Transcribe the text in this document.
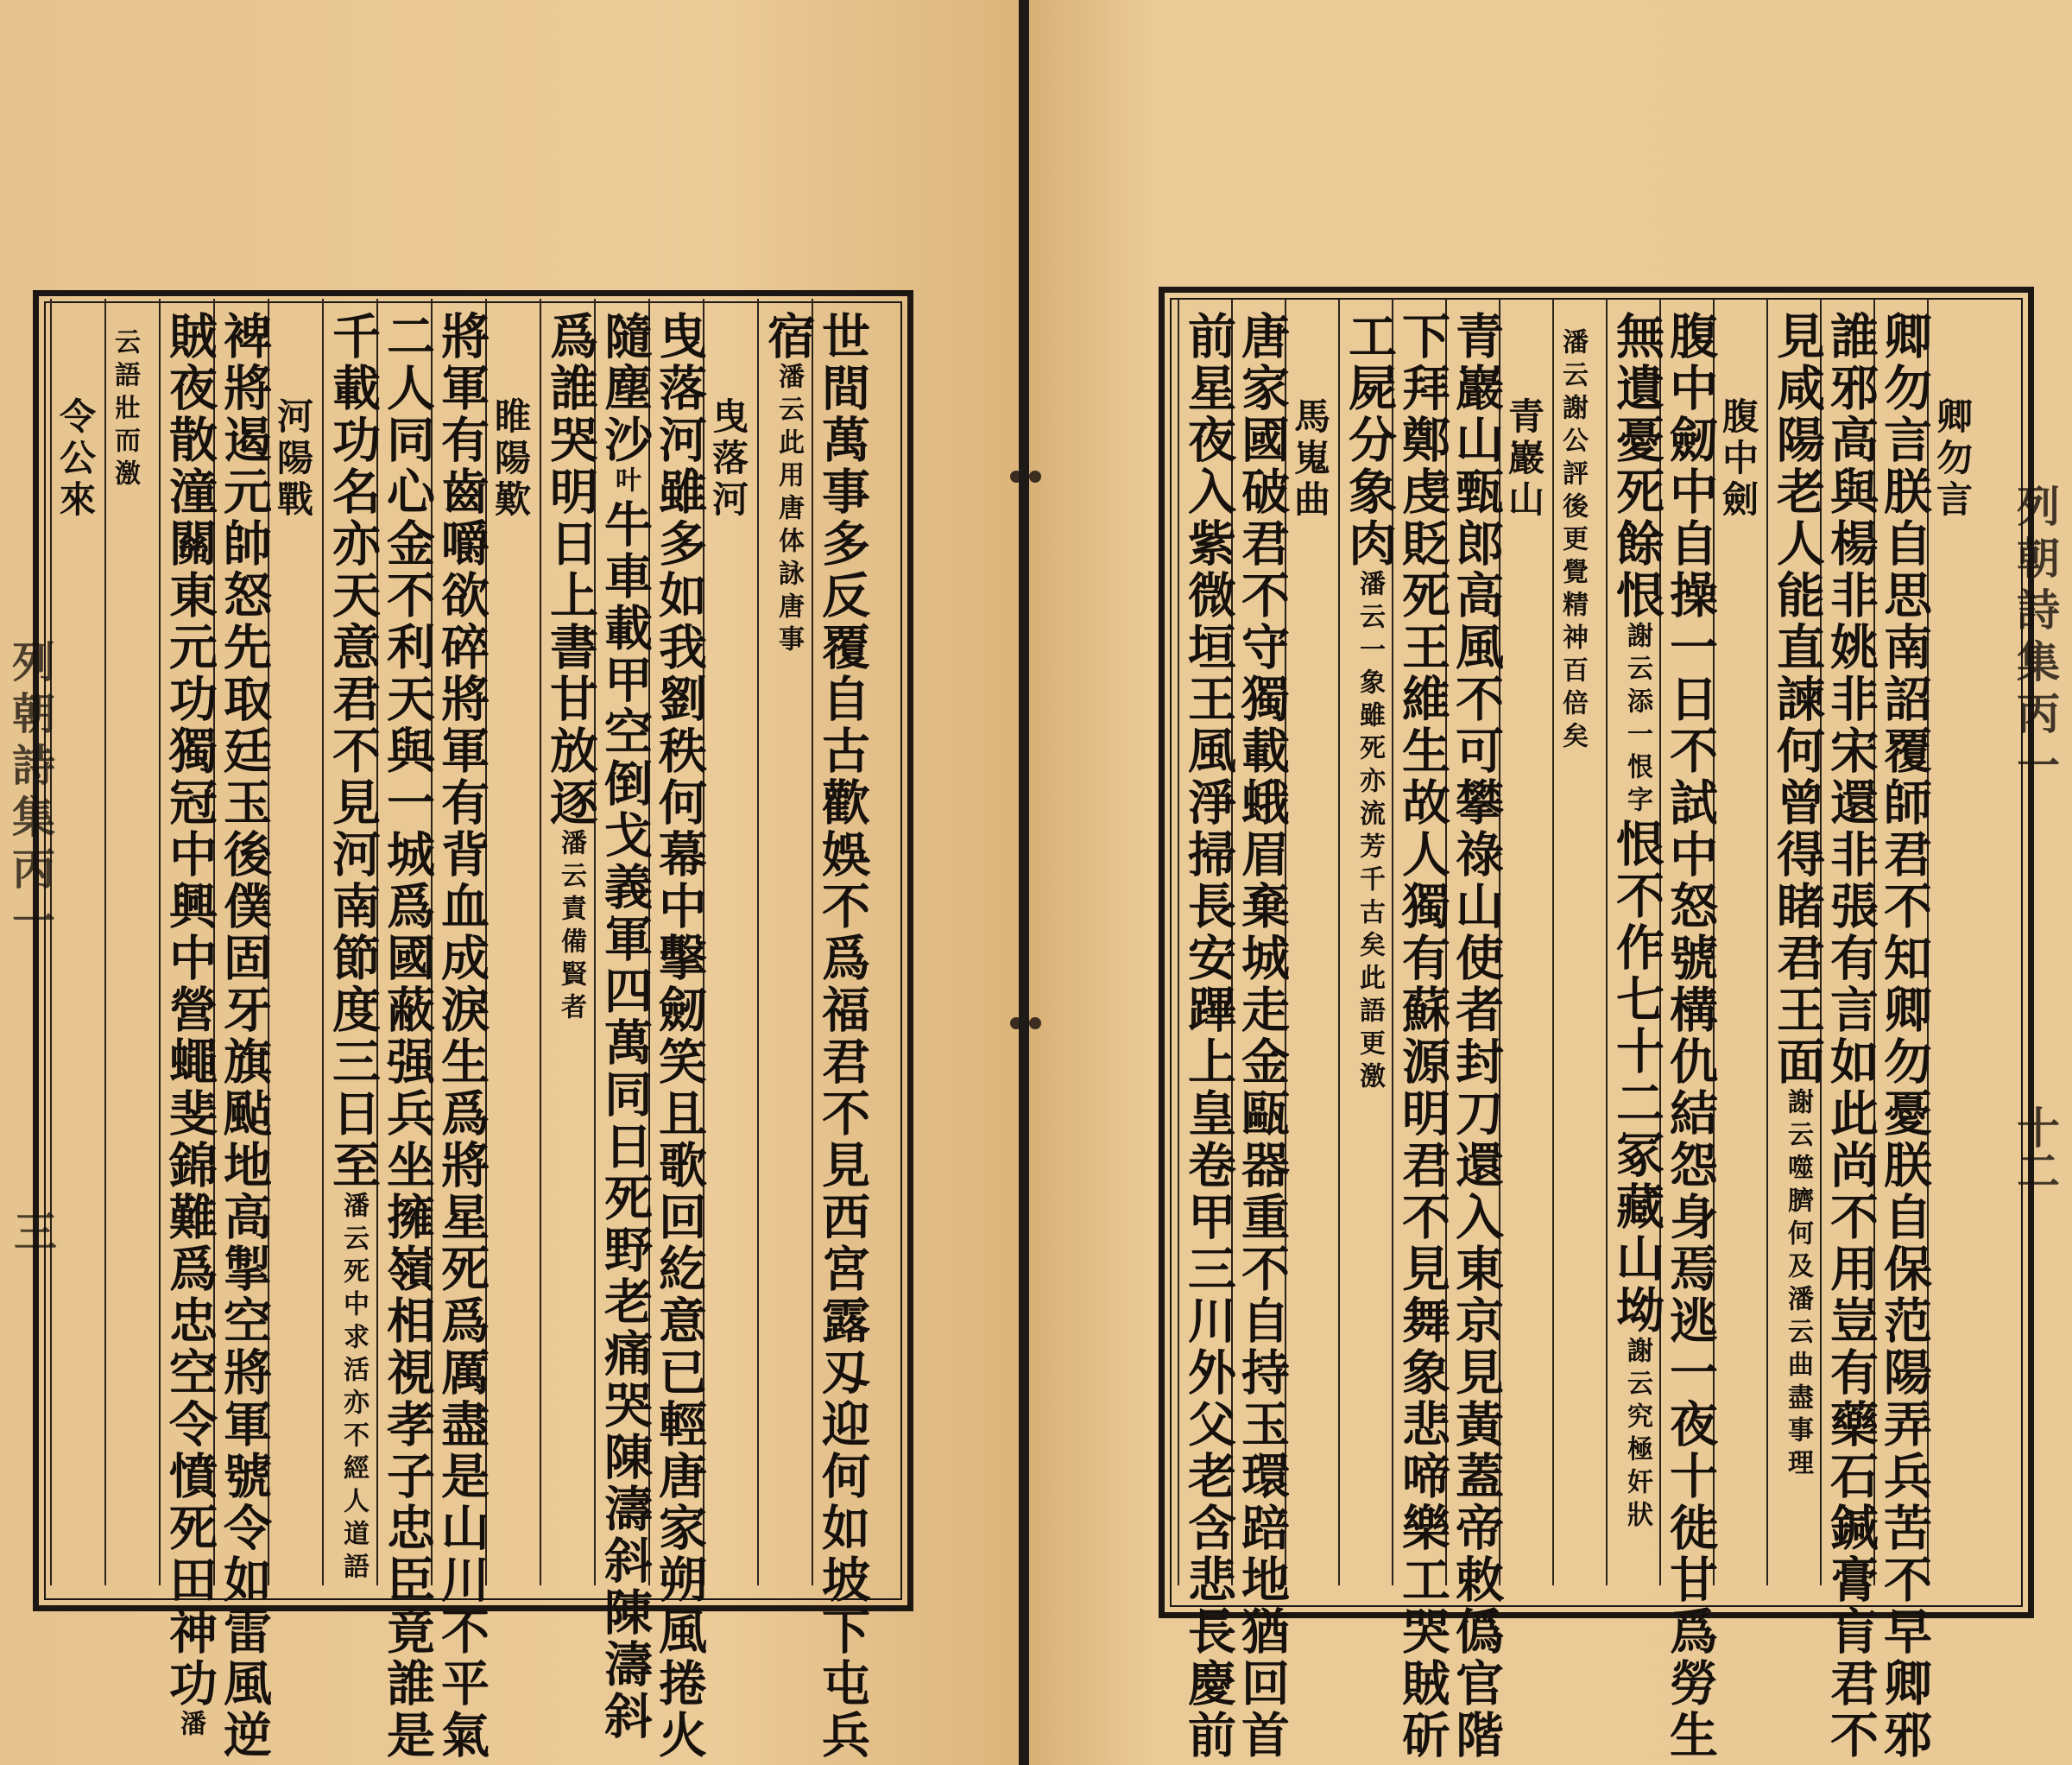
世間萬事多反覆自古歡娛不爲福君不見西宮露刄迎何如坡下屯兵
宿潘云此用唐体詠唐事
曳落河
曳落河雖多如我劉秩何幕中擊劒笑且歌回紇意已輕唐家朔風捲火
隨塵沙叶牛車載甲空倒戈義軍四萬同日死野老痛哭陳濤斜陳濤斜
爲誰哭明日上書甘放逐潘云責備賢者
睢陽歎
將軍有齒嚼欲碎將軍有背血成淚生爲將星死爲厲盡是山川不平氣
二人同心金不利天與一城爲國蔽强兵坐擁嶺相視孝子忠臣竟誰是
千載功名亦天意君不見河南節度三日至潘云死中求活亦不經人道語
河陽戰
裨將遏元帥怒先取廷玉後僕固牙旗颭地高掣空將軍號令如雷風逆
賊夜散潼關東元功獨冠中興中營蠅斐錦難爲忠空令憤死田神功潘
云語壯而激
令公來
列朝詩集丙一
三
卿勿言
卿勿言朕自思南詔覆師君不知卿勿憂朕自保范陽弄兵苦不早卿邪
誰邪高與楊非姚非宋還非張有言如此尚不用豈有藥石鍼膏肓君不
見咸陽老人能直諫何曾得睹君王面謝云噬臍何及潘云曲盡事理
腹中劍
腹中劒中自操一日不試中怒號構仇結怨身焉逃一夜十徙甘爲勞生
無遺憂死餘恨謝云添一恨字恨不作七十二冢藏山坳謝云究極奸狀
潘云謝公評後更覺精神百倍矣
青巖山
青巖山甄郎高風不可攀祿山使者封刀還入東京見黃蓋帝敕僞官階
下拜鄭虔貶死王維生故人獨有蘇源明君不見舞象悲啼樂工哭賊斫
工屍分象肉潘云一象雖死亦流芳千古矣此語更激
馬嵬曲
唐家國破君不守獨載蛾眉棄城走金甌器重不自持玉環踣地猶回首
前星夜入紫微垣王風淨掃長安蹕上皇卷甲三川外父老含悲長慶前	列朝詩集丙一
十二
